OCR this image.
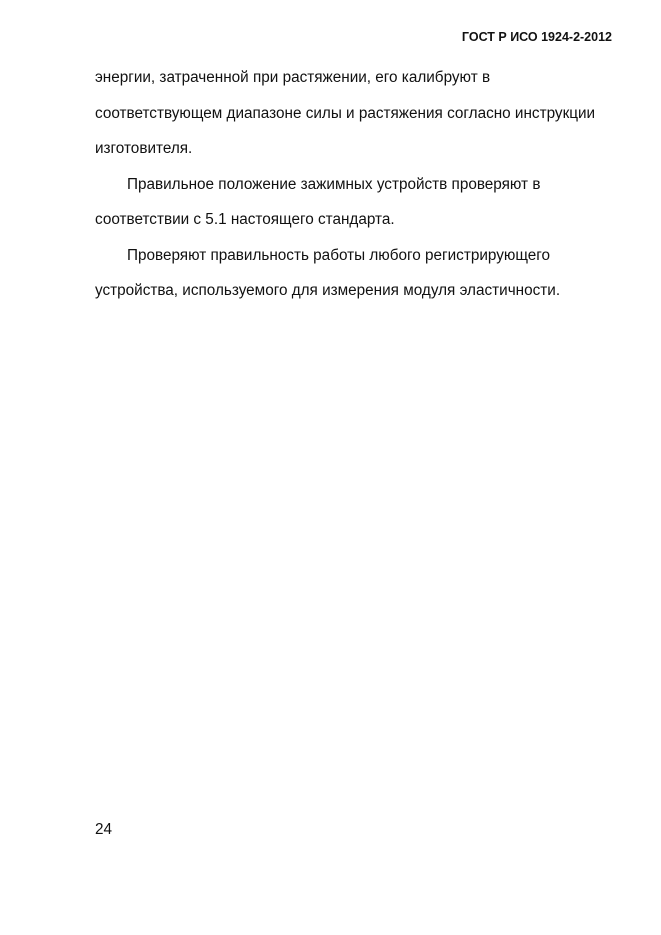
ГОСТ Р ИСО 1924-2-2012
энергии, затраченной при растяжении, его калибруют в
соответствующем диапазоне силы и растяжения согласно инструкции
изготовителя.
Правильное положение зажимных устройств проверяют в
соответствии с 5.1 настоящего стандарта.
Проверяют правильность работы любого регистрирующего
устройства, используемого для измерения модуля эластичности.
24
